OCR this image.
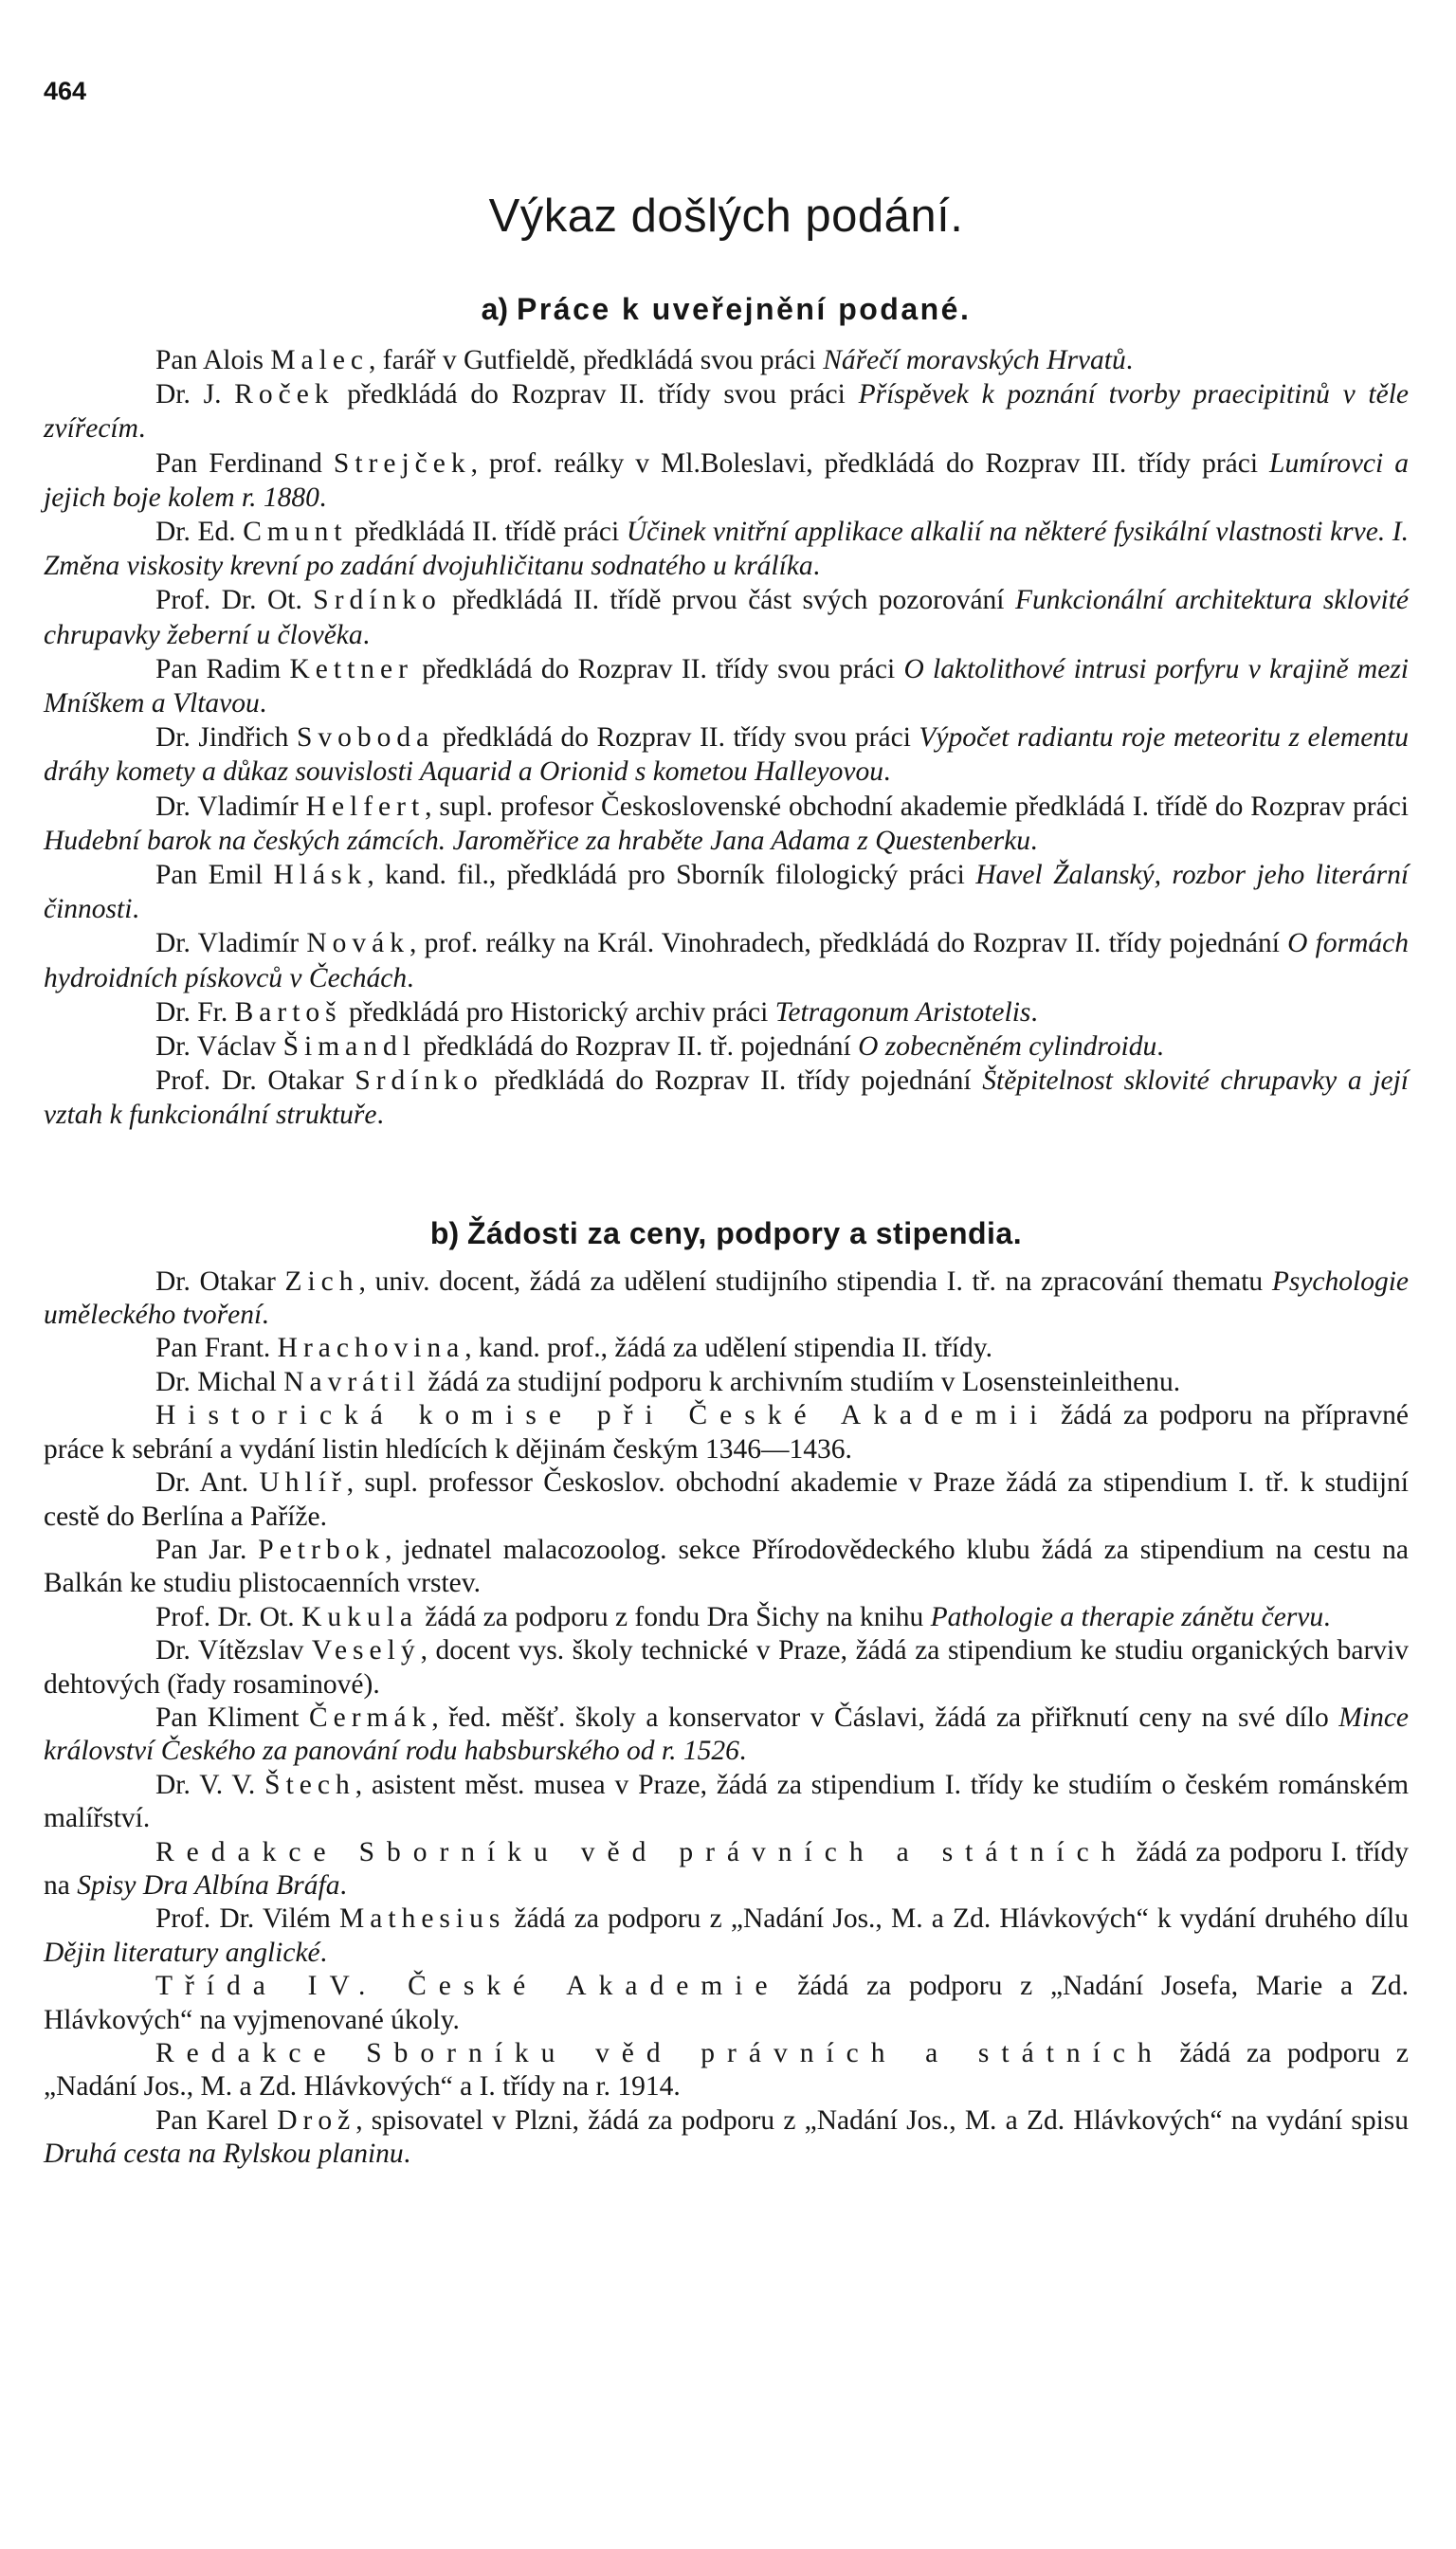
464
Výkaz došlých podání.
a) Práce k uveřejnění podané.

Pan Alois Malec, farář v Gutfieldě, předkládá svou práci Nářečí moravských Hrvatů.

Dr. J. Roček předkládá do Rozprav II. třídy svou práci Příspěvek k poznání tvorby praecipitinů v těle zvířecím.

Pan Ferdinand Strejček, prof. reálky v Ml.Boleslavi, předkládá do Rozprav III. třídy práci Lumírovci a jejich boje kolem r. 1880.

Dr. Ed. Cmunt předkládá II. třídě práci Účinek vnitřní applikace alkalií na některé fysikální vlastnosti krve. I. Změna viskosity krevní po zadání dvojuhličitanu sodnatého u králíka.

Prof. Dr. Ot. Srdínko předkládá II. třídě prvou část svých pozorování Funkcionální architektura sklovité chrupavky žeberní u člověka.

Pan Radim Kettner předkládá do Rozprav II. třídy svou práci O laktolithové intrusi porfyru v krajině mezi Mníškem a Vltavou.

Dr. Jindřich Svoboda předkládá do Rozprav II. třídy svou práci Výpočet radiantu roje meteoritu z elementu dráhy komety a důkaz souvislosti Aquarid a Orionid s kometou Halleyovou.

Dr. Vladimír Helfert, supl. profesor Československé obchodní akademie předkládá I. třídě do Rozprav práci Hudební barok na českých zámcích. Jaroměřice za hraběte Jana Adama z Questenberku.

Pan Emil Hlásk, kand. fil., předkládá pro Sborník filologický práci Havel Žalanský, rozbor jeho literární činnosti.

Dr. Vladimír Novák, prof. reálky na Král. Vinohradech, předkládá do Rozprav II. třídy pojednání O formách hydroidních pískovců v Čechách.

Dr. Fr. Bartoš předkládá pro Historický archiv práci Tetragonum Aristotelis.

Dr. Václav Šimandl předkládá do Rozprav II. tř. pojednání O zobecněném cylindroidu.

Prof. Dr. Otakar Srdínko předkládá do Rozprav II. třídy pojednání Štěpitelnost sklovité chrupavky a její vztah k funkcionální struktuře.

b) Žádosti za ceny, podpory a stipendia.

Dr. Otakar Zich, univ. docent, žádá za udělení studijního stipendia I. tř. na zpracování thematu Psychologie uměleckého tvoření.

Pan Frant. Hrachovina, kand. prof., žádá za udělení stipendia II. třídy.

Dr. Michal Navrátil žádá za studijní podporu k archivním studiím v Losensteinleithenu.

Historická komise při České Akademii žádá za podporu na přípravné práce k sebrání a vydání listin hledících k dějinám českým 1346—1436.

Dr. Ant. Uhlíř, supl. professor Českoslov. obchodní akademie v Praze žádá za stipendium I. tř. k studijní cestě do Berlína a Paříže.

Pan Jar. Petrbok, jednatel malacozoolog. sekce Přírodovědeckého klubu žádá za stipendium na cestu na Balkán ke studiu plistocaenních vrstev.

Prof. Dr. Ot. Kukula žádá za podporu z fondu Dra Šichy na knihu Pathologie a therapie zánětu červu.

Dr. Vítězslav Veselý, docent vys. školy technické v Praze, žádá za stipendium ke studiu organických barviv dehtových (řady rosaminové).

Pan Kliment Čermák, řed. měšť. školy a konservator v Čáslavi, žádá za přiřknutí ceny na své dílo Mince království Českého za panování rodu habsburského od r. 1526.

Dr. V. V. Štech, asistent měst. musea v Praze, žádá za stipendium I. třídy ke studiím o českém románském malířství.

Redakce Sborníku věd právních a státních žádá za podporu I. třídy na Spisy Dra Albína Bráfa.

Prof. Dr. Vilém Mathesius žádá za podporu z „Nadání Jos., M. a Zd. Hlávkových“ k vydání druhého dílu Dějin literatury anglické.

Třída IV. České Akademie žádá za podporu z „Nadání Josefa, Marie a Zd. Hlávkových“ na vyjmenované úkoly.

Redakce Sborníku věd právních a státních žádá za podporu z „Nadání Jos., M. a Zd. Hlávkových“ a I. třídy na r. 1914.

Pan Karel Drož, spisovatel v Plzni, žádá za podporu z „Nadání Jos., M. a Zd. Hlávkových“ na vydání spisu Druhá cesta na Rylskou planinu.
